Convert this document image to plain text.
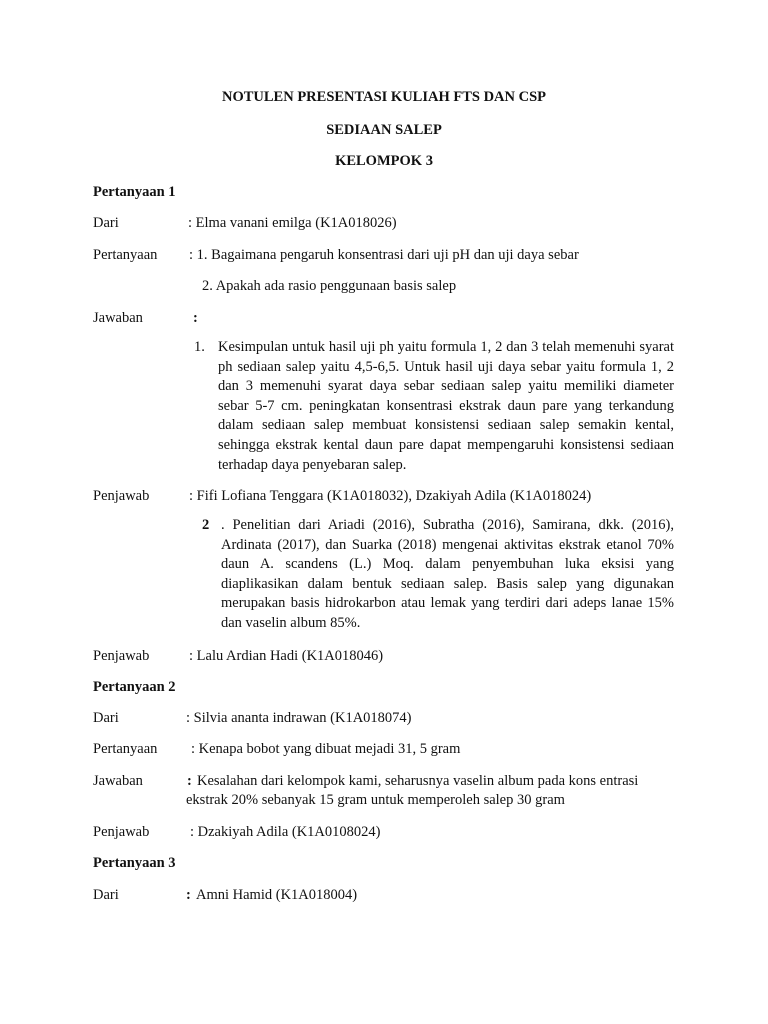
NOTULEN PRESENTASI KULIAH FTS DAN CSP
SEDIAAN SALEP
KELOMPOK 3
Pertanyaan 1
Dari	: Elma vanani emilga (K1A018026)
Pertanyaan : 1. Bagaimana pengaruh konsentrasi dari uji pH dan uji daya sebar
2. Apakah ada rasio penggunaan basis salep
Jawaban	:
1. Kesimpulan untuk hasil uji ph yaitu formula 1, 2 dan 3 telah memenuhi syarat ph sediaan salep yaitu 4,5-6,5. Untuk hasil uji daya sebar yaitu formula 1, 2 dan 3 memenuhi syarat daya sebar sediaan salep yaitu memiliki diameter sebar 5-7 cm. peningkatan konsentrasi ekstrak daun pare yang terkandung dalam sediaan salep membuat konsistensi sediaan salep semakin kental, sehingga ekstrak kental daun pare dapat mempengaruhi konsistensi sediaan terhadap daya penyebaran salep.
Penjawab	: Fifi Lofiana Tenggara (K1A018032), Dzakiyah Adila (K1A018024)
2 . Penelitian dari Ariadi (2016), Subratha (2016), Samirana, dkk. (2016), Ardinata (2017), dan Suarka (2018) mengenai aktivitas ekstrak etanol 70% daun A. scandens (L.) Moq. dalam penyembuhan luka eksisi yang diaplikasikan dalam bentuk sediaan salep. Basis salep yang digunakan merupakan basis hidrokarbon atau lemak yang terdiri dari adeps lanae 15% dan vaselin album 85%.
Penjawab	: Lalu Ardian Hadi (K1A018046)
Pertanyaan 2
Dari	: Silvia ananta indrawan (K1A018074)
Pertanyaan : Kenapa bobot yang dibuat mejadi 31, 5 gram
Jawaban	: Kesalahan dari kelompok kami, seharusnya vaselin album pada kons entrasi
ekstrak 20% sebanyak 15 gram untuk memperoleh salep 30 gram
Penjawab	: Dzakiyah Adila (K1A0108024)
Pertanyaan 3
Dari	: Amni Hamid (K1A018004)
